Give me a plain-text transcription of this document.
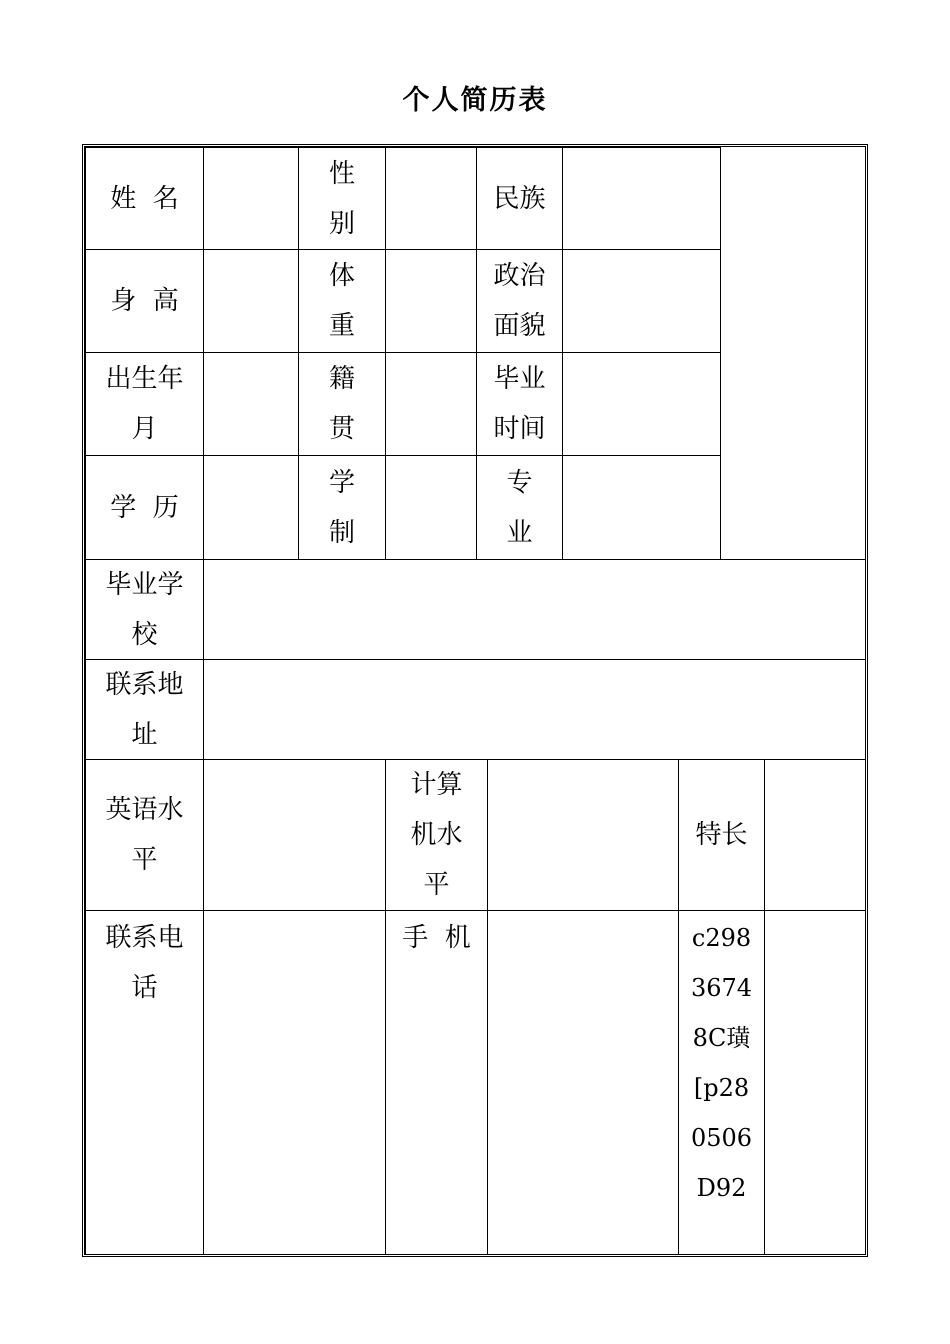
个人简历表
姓  名
性别
民族
身  高
体重
政治面貌
出生年月
籍贯
毕业时间
学  历
学制
专业
毕业学校
联系地址
英语水平
计算机水平
特长
联系电话
手  机	c29836748C璜[p280506D92
